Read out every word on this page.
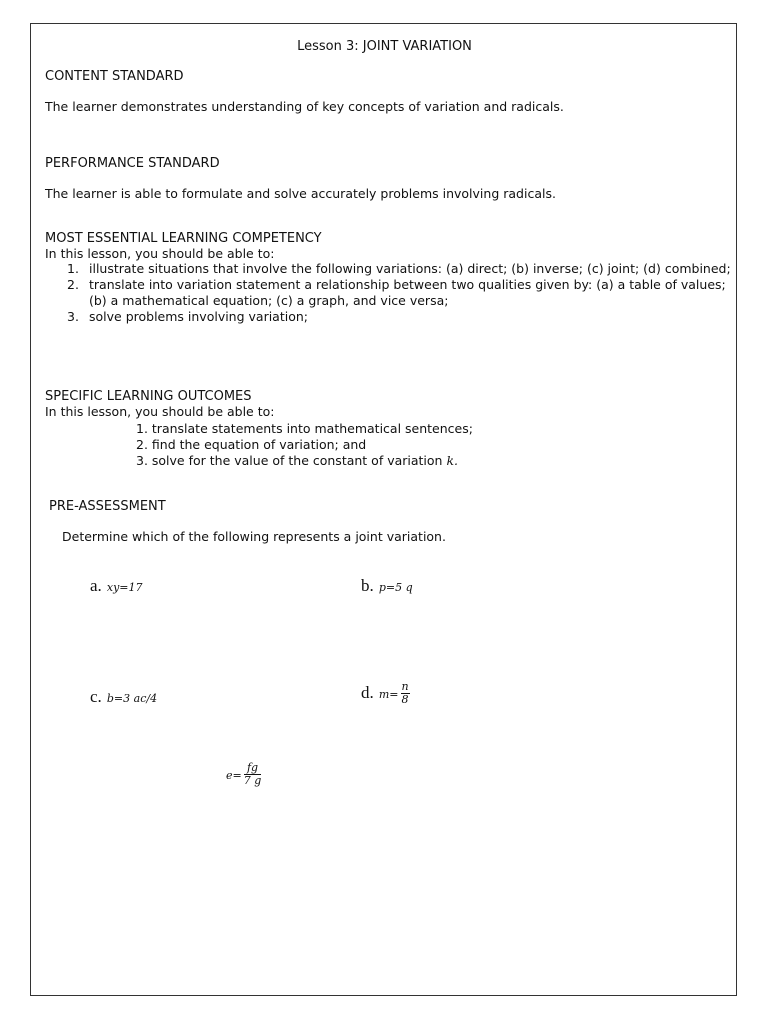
Lesson 3: JOINT VARIATION
CONTENT STANDARD
The learner demonstrates understanding of key concepts of variation and radicals.
PERFORMANCE STANDARD
The learner is able to formulate and solve accurately problems involving radicals.
MOST ESSENTIAL LEARNING COMPETENCY
In this lesson, you should be able to:
1. illustrate situations that involve the following variations: (a) direct; (b) inverse; (c) joint; (d) combined;
2. translate into variation statement a relationship between two qualities given by: (a) a table of values; (b) a mathematical equation; (c) a graph, and vice versa;
3. solve problems involving variation;
SPECIFIC LEARNING OUTCOMES
In this lesson, you should be able to:
1. translate statements into mathematical sentences;
2. find the equation of variation; and
3. solve for the value of the constant of variation k.
PRE-ASSESSMENT
Determine which of the following represents a joint variation.
a. xy=17	b. p=5 q
c. b=3 ac/4	d. $m= \frac{n}{8}$
$e= \frac{fg}{7 g}$
